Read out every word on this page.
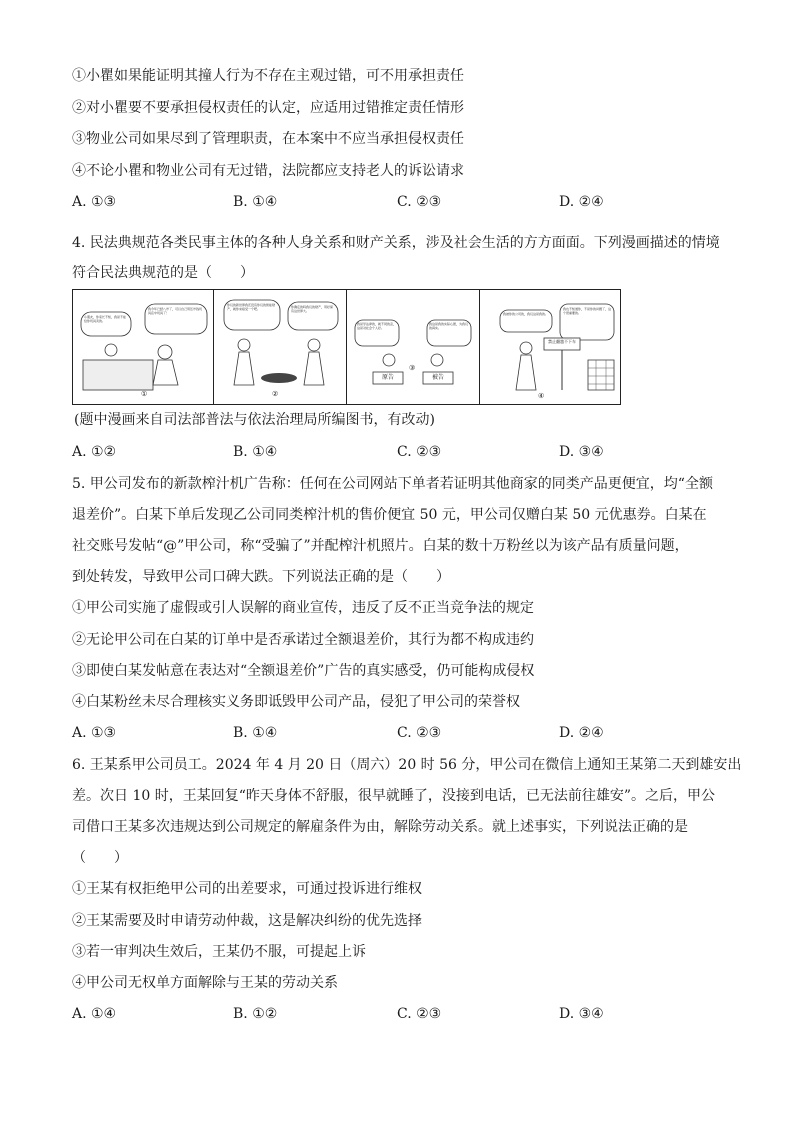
①小瞿如果能证明其撞人行为不存在主观过错，可不用承担责任
②对小瞿要不要承担侵权责任的认定，应适用过错推定责任情形
③物业公司如果尽到了管理职责，在本案中不应当承担侵权责任
④不论小瞿和物业公司有无过错，法院都应支持老人的诉讼请求
A. ①③	B. ①④	C. ②③	D. ②④
4. 民法典规范各类民事主体的各种人身关系和财产关系，涉及社会生活的方方面面。下列漫画描述的情境
符合民法典规范的是（　　）
小朋友，你家长不知，我是不能给你玩具卖的。
我今年已经八岁了，可以自己用压岁钱玩具店中玩具了！
①
你们的新世界我还没有你们的智能财产，就你来接受一个吧。	你确定的吗我们的财产，用好保有这世界大。
②
我是学法律的，就不同的意，这是对社会个人好。
我这是我的实际心愿，为我们的真实。
原告	被告
③
我被你的公司的，我们这是我的。
我也不知道你，不是你的问题了，这个很重要的。
禁止翻越不下车
④
(题中漫画来自司法部普法与依法治理局所编图书，有改动)
A. ①②	B. ①④	C. ②③	D. ③④
5. 甲公司发布的新款榨汁机广告称：任何在公司网站下单者若证明其他商家的同类产品更便宜，均“全额
退差价”。白某下单后发现乙公司同类榨汁机的售价便宜 50 元，甲公司仅赠白某 50 元优惠券。白某在
社交账号发帖“@”甲公司，称“受骗了”并配榨汁机照片。白某的数十万粉丝以为该产品有质量问题，
到处转发，导致甲公司口碑大跌。下列说法正确的是（　　）
①甲公司实施了虚假或引人误解的商业宣传，违反了反不正当竞争法的规定
②无论甲公司在白某的订单中是否承诺过全额退差价，其行为都不构成违约
③即使白某发帖意在表达对“全额退差价”广告的真实感受，仍可能构成侵权
④白某粉丝未尽合理核实义务即诋毁甲公司产品，侵犯了甲公司的荣誉权
A. ①③	B. ①④	C. ②③	D. ②④
6. 王某系甲公司员工。2024 年 4 月 20 日（周六）20 时 56 分，甲公司在微信上通知王某第二天到雄安出
差。次日 10 时，王某回复“昨天身体不舒服，很早就睡了，没接到电话，已无法前往雄安”。之后，甲公
司借口王某多次违规达到公司规定的解雇条件为由，解除劳动关系。就上述事实，下列说法正确的是
（　　）
①王某有权拒绝甲公司的出差要求，可通过投诉进行维权
②王某需要及时申请劳动仲裁，这是解决纠纷的优先选择
③若一审判决生效后，王某仍不服，可提起上诉
④甲公司无权单方面解除与王某的劳动关系
A. ①④	B. ①②	C. ②③	D. ③④
